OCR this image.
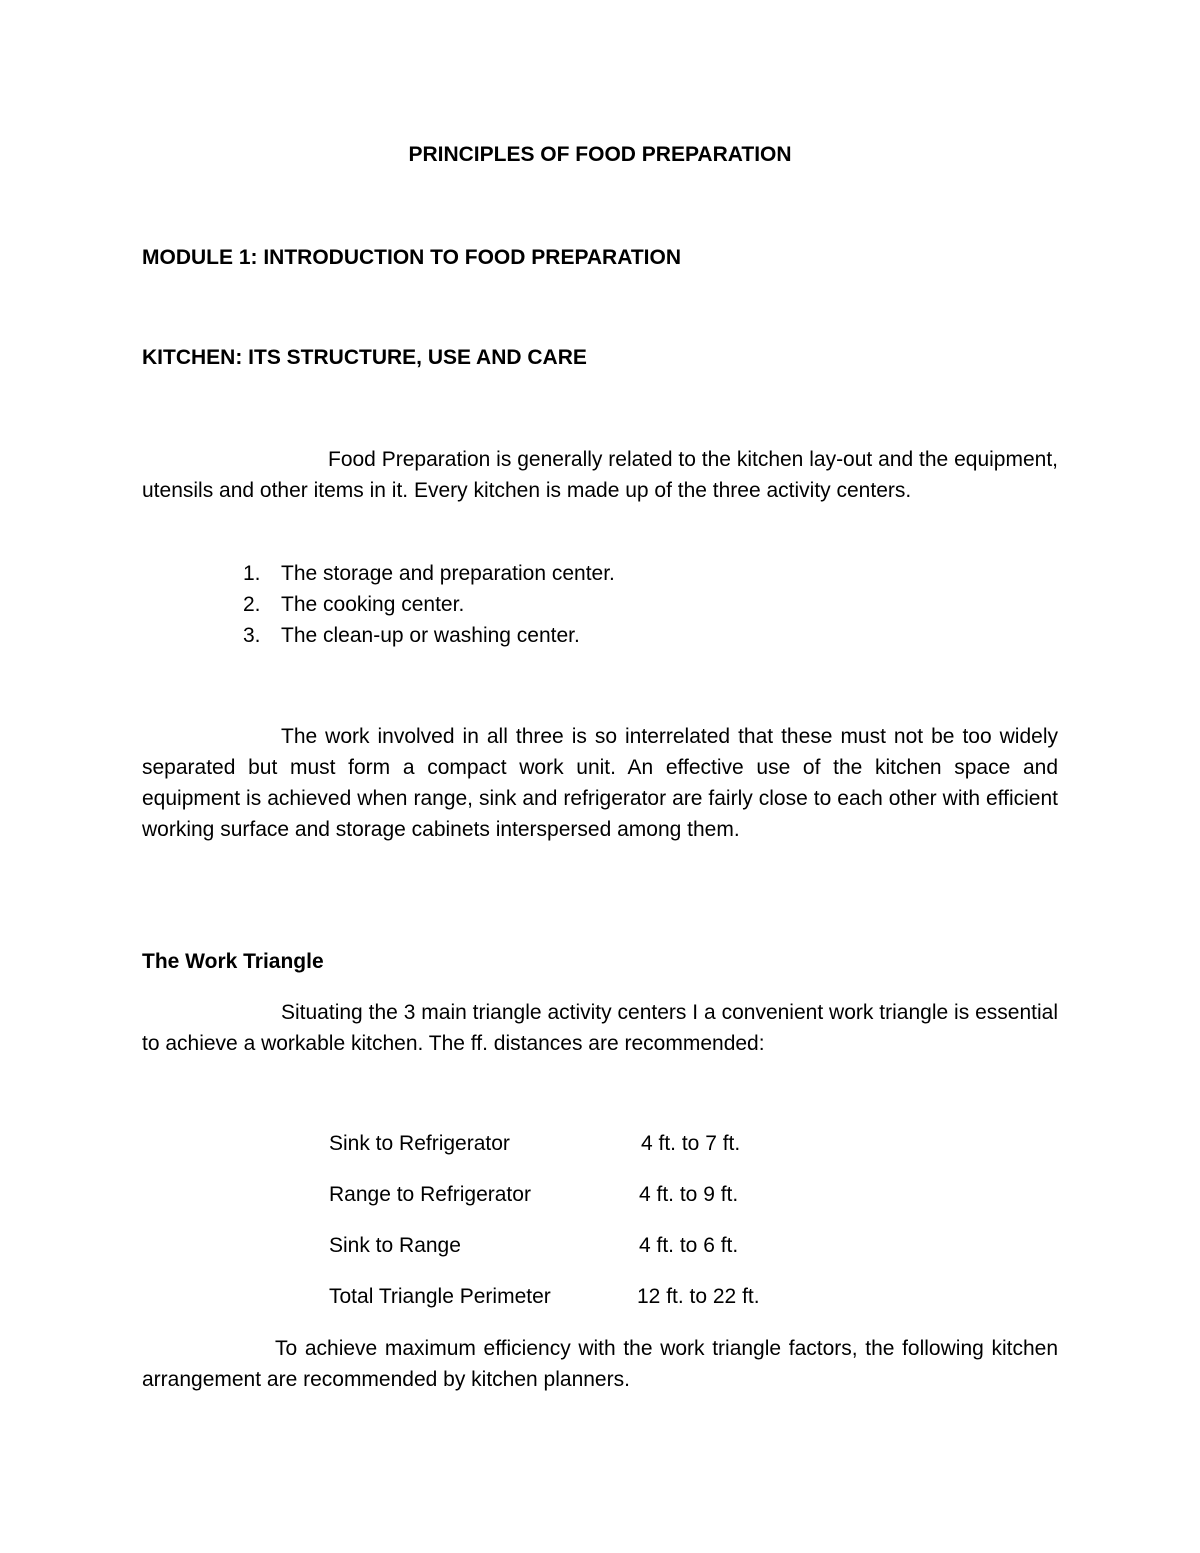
PRINCIPLES OF FOOD PREPARATION
MODULE 1: INTRODUCTION TO FOOD PREPARATION
KITCHEN: ITS STRUCTURE, USE AND CARE

Food Preparation is generally related to the kitchen lay-out and the equipment, utensils and other items in it. Every kitchen is made up of the three activity centers.

1. The storage and preparation center.
2. The cooking center.
3. The clean-up or washing center.

The work involved in all three is so interrelated that these must not be too widely separated but must form a compact work unit. An effective use of the kitchen space and equipment is achieved when range, sink and refrigerator are fairly close to each other with efficient working surface and storage cabinets interspersed among them.

The Work Triangle

Situating the 3 main triangle activity centers I a convenient work triangle is essential to achieve a workable kitchen. The ff. distances are recommended:

Sink to Refrigerator	4 ft. to 7 ft.
Range to Refrigerator	4 ft. to 9 ft.
Sink to Range	4 ft. to 6 ft.
Total Triangle Perimeter	12 ft. to 22 ft.

To achieve maximum efficiency with the work triangle factors, the following kitchen arrangement are recommended by kitchen planners.
